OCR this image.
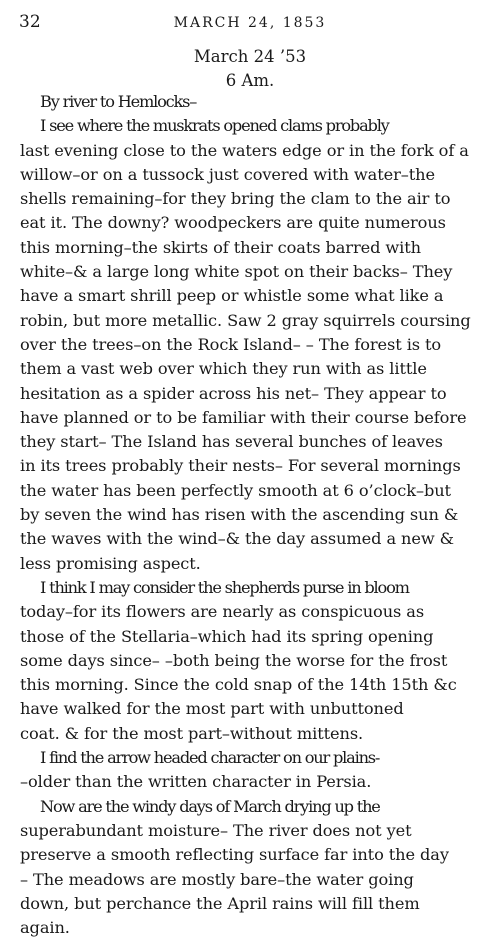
32	MARCH 24, 1853
March 24 ’53
6 Am.
By river to Hemlocks–
I see where the muskrats opened clams probably
last evening close to the waters edge or in the fork of a
willow–or on a tussock just covered with water–the
shells remaining–for they bring the clam to the air to
eat it. The downy? woodpeckers are quite numerous
this morning–the skirts of their coats barred with
white–& a large long white spot on their backs– They
have a smart shrill peep or whistle some what like a
robin, but more metallic. Saw 2 gray squirrels coursing
over the trees–on the Rock Island– – The forest is to
them a vast web over which they run with as little
hesitation as a spider across his net– They appear to
have planned or to be familiar with their course before
they start– The Island has several bunches of leaves
in its trees probably their nests– For several mornings
the water has been perfectly smooth at 6 o’clock–but
by seven the wind has risen with the ascending sun &
the waves with the wind–& the day assumed a new &
less promising aspect.
I think I may consider the shepherds purse in bloom
today–for its flowers are nearly as conspicuous as
those of the Stellaria–which had its spring opening
some days since– –both being the worse for the frost
this morning. Since the cold snap of the 14th 15th &c
have walked for the most part with unbuttoned
coat. & for the most part–without mittens.
I find the arrow headed character on our plains-
–older than the written character in Persia.
Now are the windy days of March drying up the
superabundant moisture– The river does not yet
preserve a smooth reflecting surface far into the day
– The meadows are mostly bare–the water going
down, but perchance the April rains will fill them
again.
